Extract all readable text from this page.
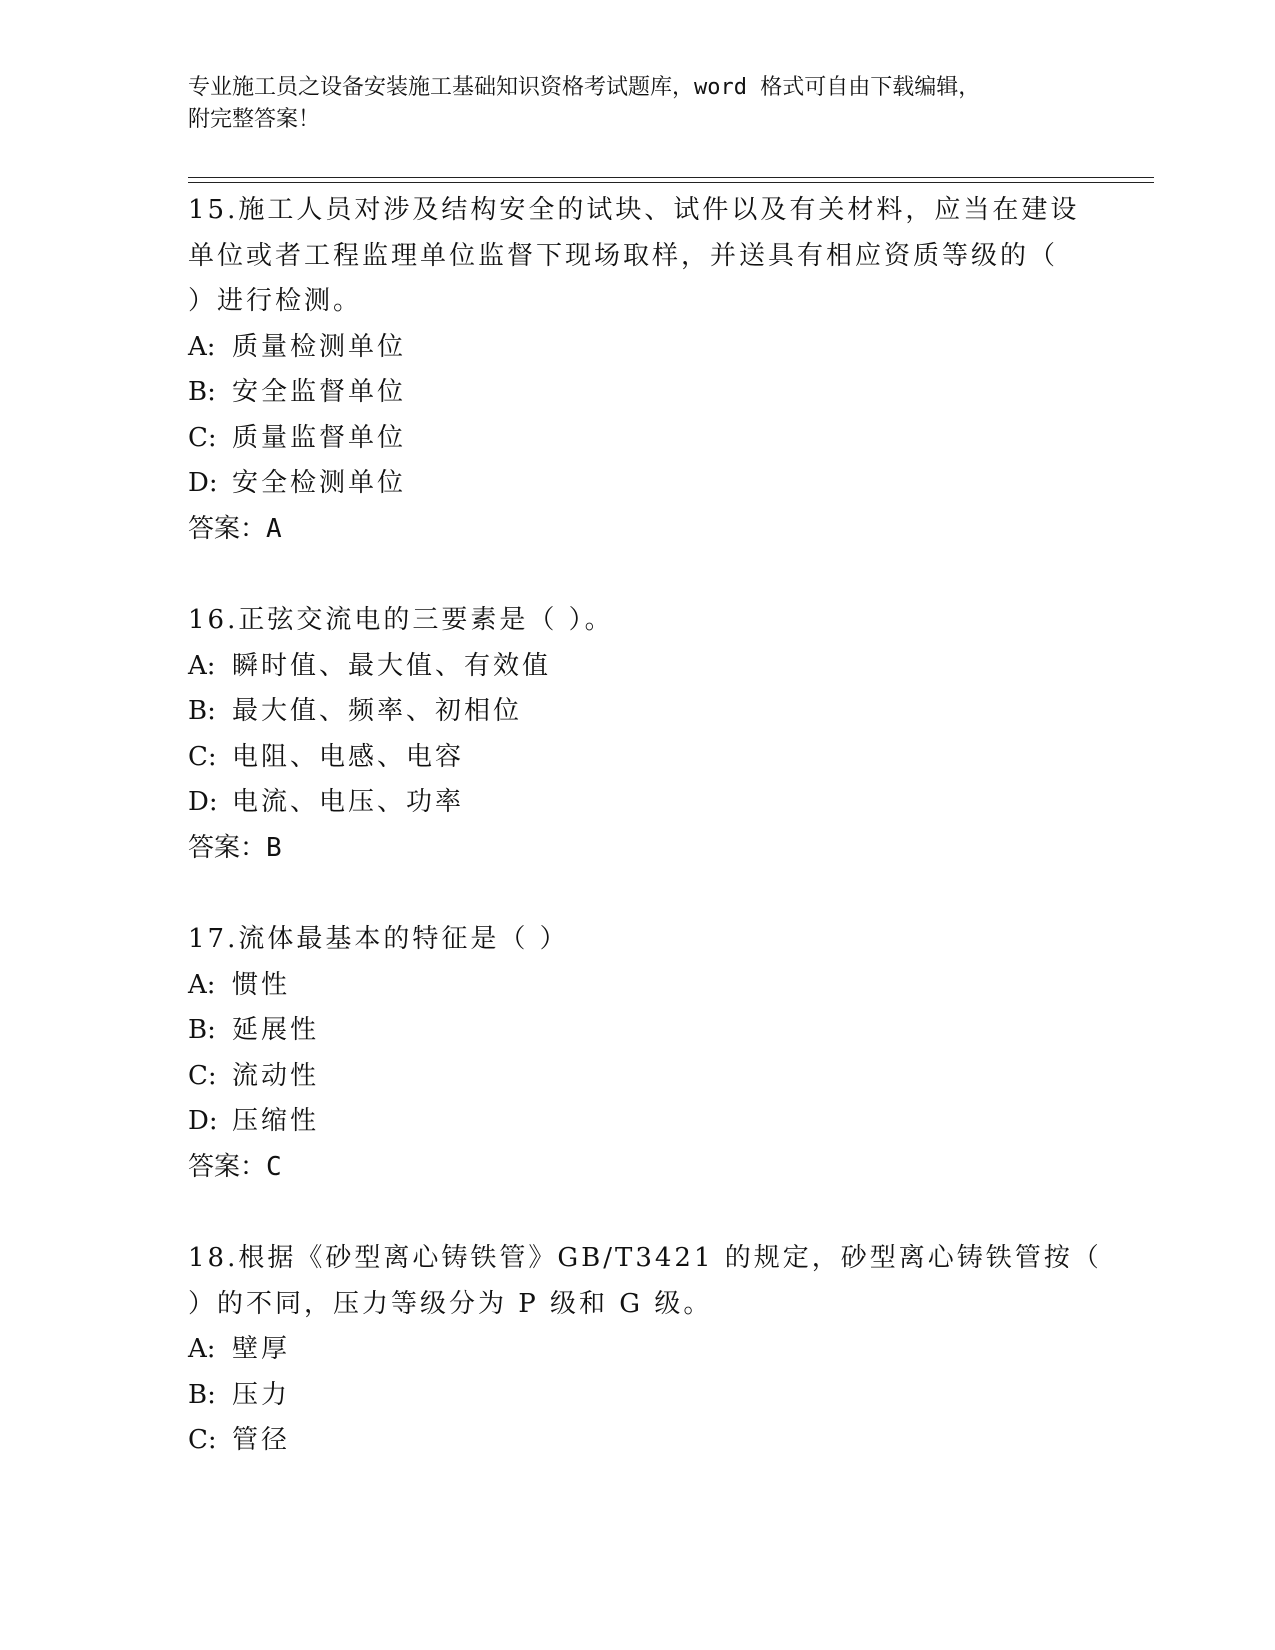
专业施工员之设备安装施工基础知识资格考试题库，word 格式可自由下载编辑，
附完整答案！
15.施工人员对涉及结构安全的试块、试件以及有关材料，应当在建设
单位或者工程监理单位监督下现场取样，并送具有相应资质等级的（
）进行检测。
A: 质量检测单位
B: 安全监督单位
C: 质量监督单位
D: 安全检测单位
答案：A
16.正弦交流电的三要素是（ ）。
A: 瞬时值、最大值、有效值
B: 最大值、频率、初相位
C: 电阻、电感、电容
D: 电流、电压、功率
答案：B
17.流体最基本的特征是（ ）
A: 惯性
B: 延展性
C: 流动性
D: 压缩性
答案：C
18.根据《砂型离心铸铁管》GB/T3421 的规定，砂型离心铸铁管按（
）的不同，压力等级分为 P 级和 G 级。
A: 壁厚
B: 压力
C: 管径
